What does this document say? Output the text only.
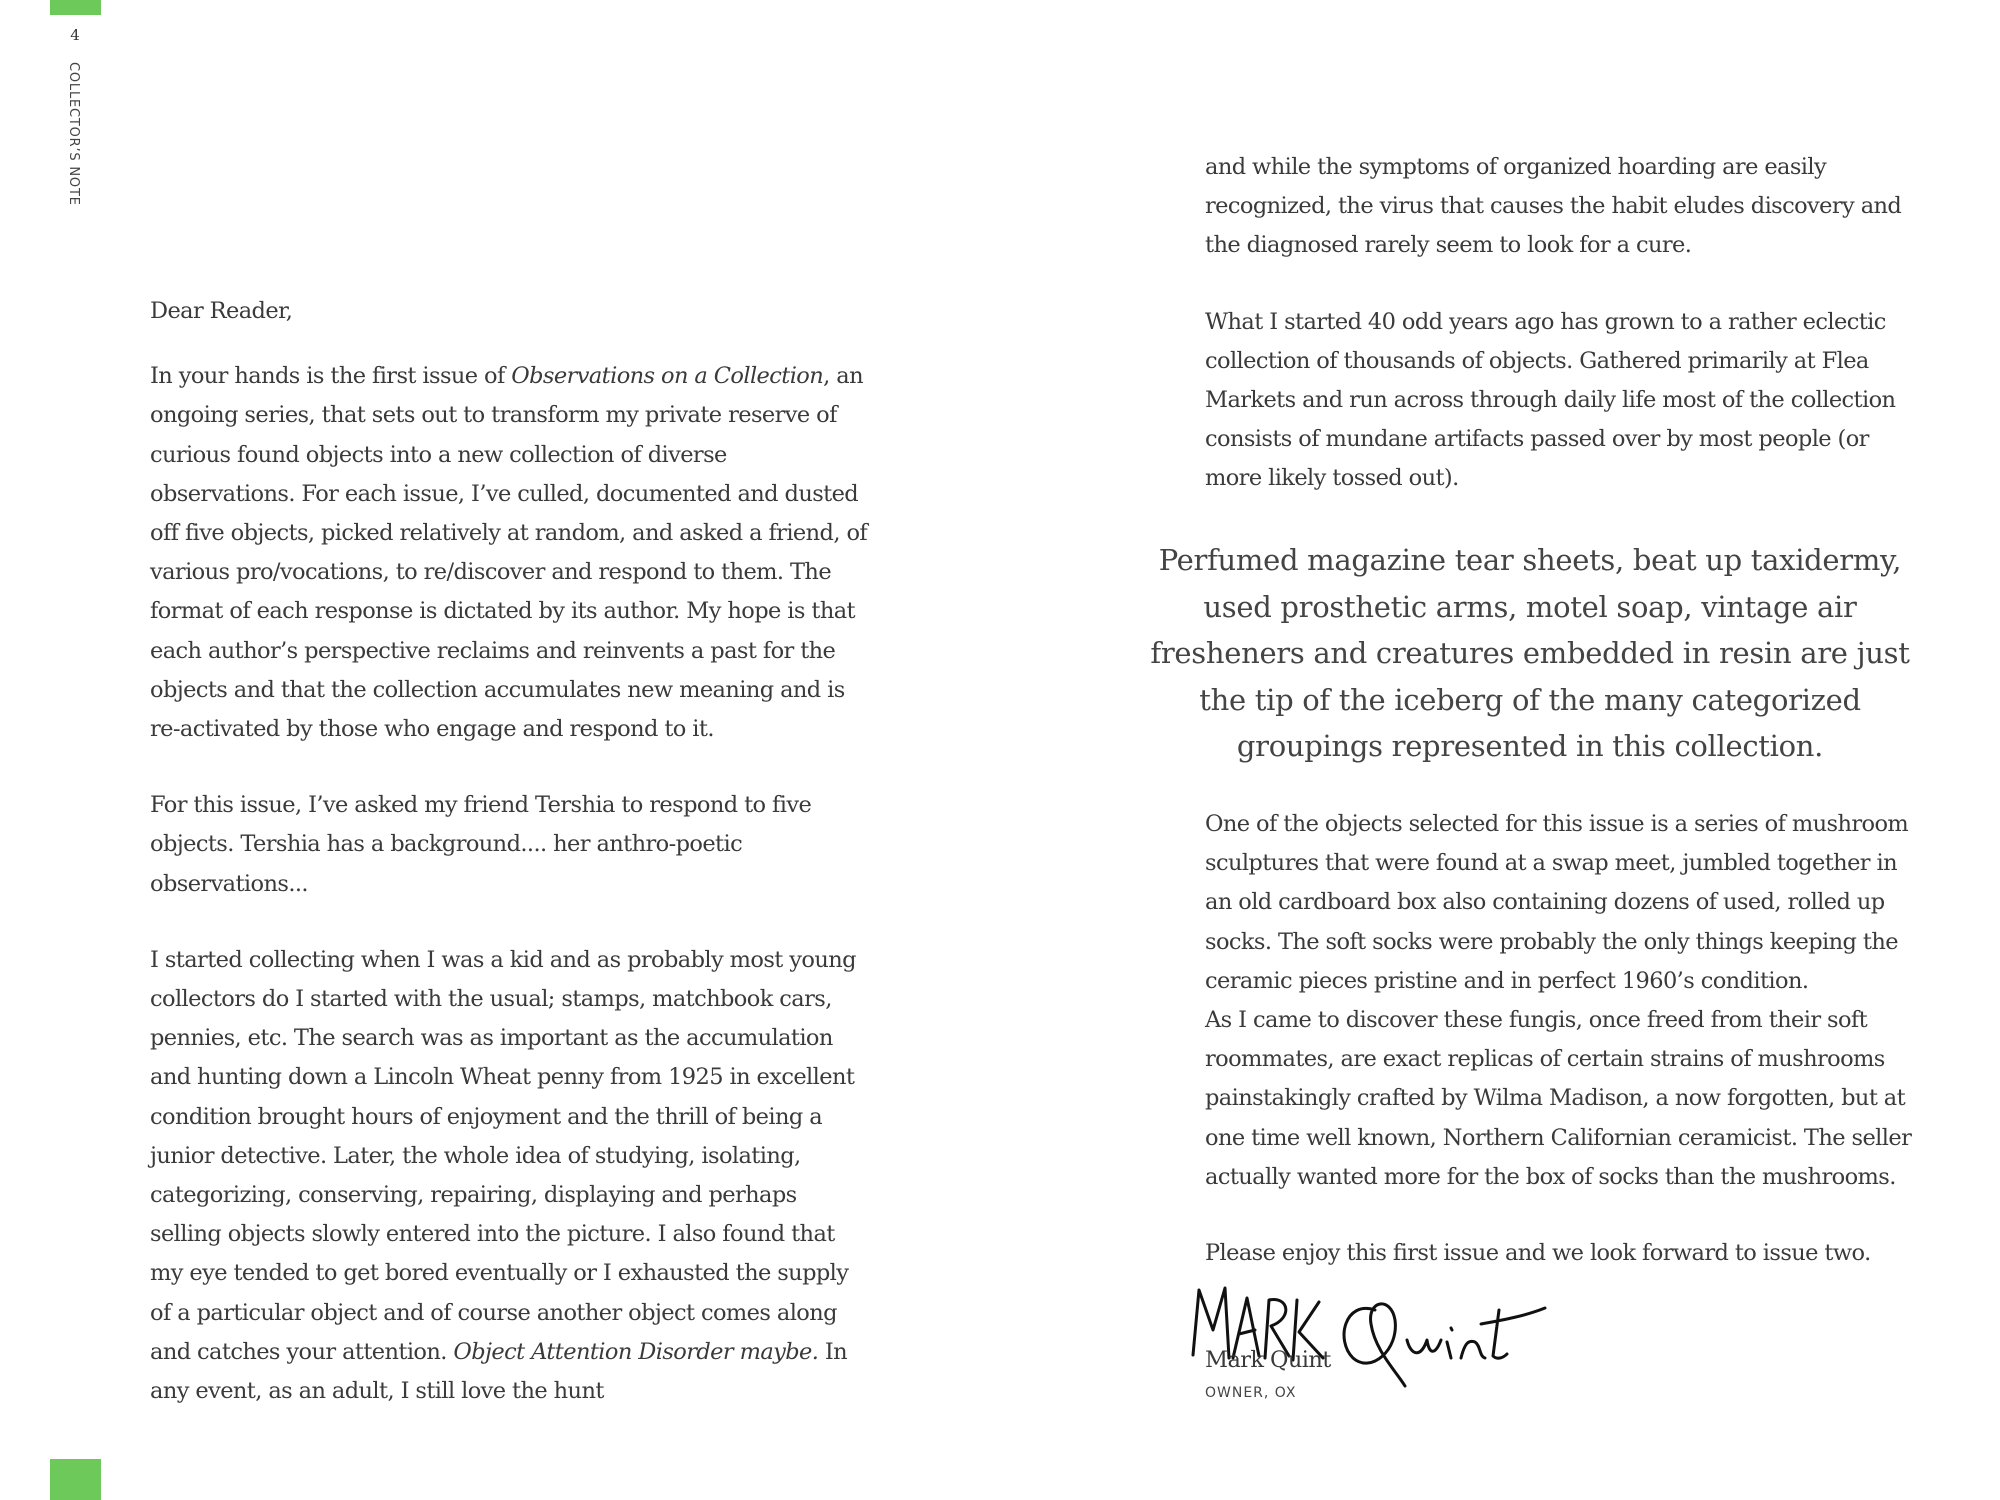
4
COLLECTOR’S NOTE

Dear Reader,

In your hands is the first issue of Observations on a Collection, an ongoing series, that sets out to transform my private reserve of curious found objects into a new collection of diverse observations. For each issue, I’ve culled, documented and dusted off five objects, picked relatively at random, and asked a friend, of various pro/vocations, to re/discover and respond to them. The format of each response is dictated by its author. My hope is that each author’s perspective reclaims and reinvents a past for the objects and that the collection accumulates new meaning and is re-activated by those who engage and respond to it.

For this issue, I’ve asked my friend Tershia to respond to five objects. Tershia has a background.... her anthro-poetic observations...

I started collecting when I was a kid and as probably most young collectors do I started with the usual; stamps, matchbook cars, pennies, etc. The search was as important as the accumulation and hunting down a Lincoln Wheat penny from 1925 in excellent condition brought hours of enjoyment and the thrill of being a junior detective. Later, the whole idea of studying, isolating, categorizing, conserving, repairing, displaying and perhaps selling objects slowly entered into the picture. I also found that my eye tended to get bored eventually or I exhausted the supply of a particular object and of course another object comes along and catches your attention. Object Attention Disorder maybe. In any event, as an adult, I still love the hunt

and while the symptoms of organized hoarding are easily recognized, the virus that causes the habit eludes discovery and the diagnosed rarely seem to look for a cure.

What I started 40 odd years ago has grown to a rather eclectic collection of thousands of objects. Gathered primarily at Flea Markets and run across through daily life most of the collection consists of mundane artifacts passed over by most people (or more likely tossed out).

Perfumed magazine tear sheets, beat up taxidermy, used prosthetic arms, motel soap, vintage air fresheners and creatures embedded in resin are just the tip of the iceberg of the many categorized groupings represented in this collection.

One of the objects selected for this issue is a series of mushroom sculptures that were found at a swap meet, jumbled together in an old cardboard box also containing dozens of used, rolled up socks. The soft socks were probably the only things keeping the ceramic pieces pristine and in perfect 1960’s condition.

As I came to discover these fungis, once freed from their soft roommates, are exact replicas of certain strains of mushrooms painstakingly crafted by Wilma Madison, a now forgotten, but at one time well known, Northern Californian ceramicist. The seller actually wanted more for the box of socks than the mushrooms.

Please enjoy this first issue and we look forward to issue two.

Mark Quint
OWNER, OX
